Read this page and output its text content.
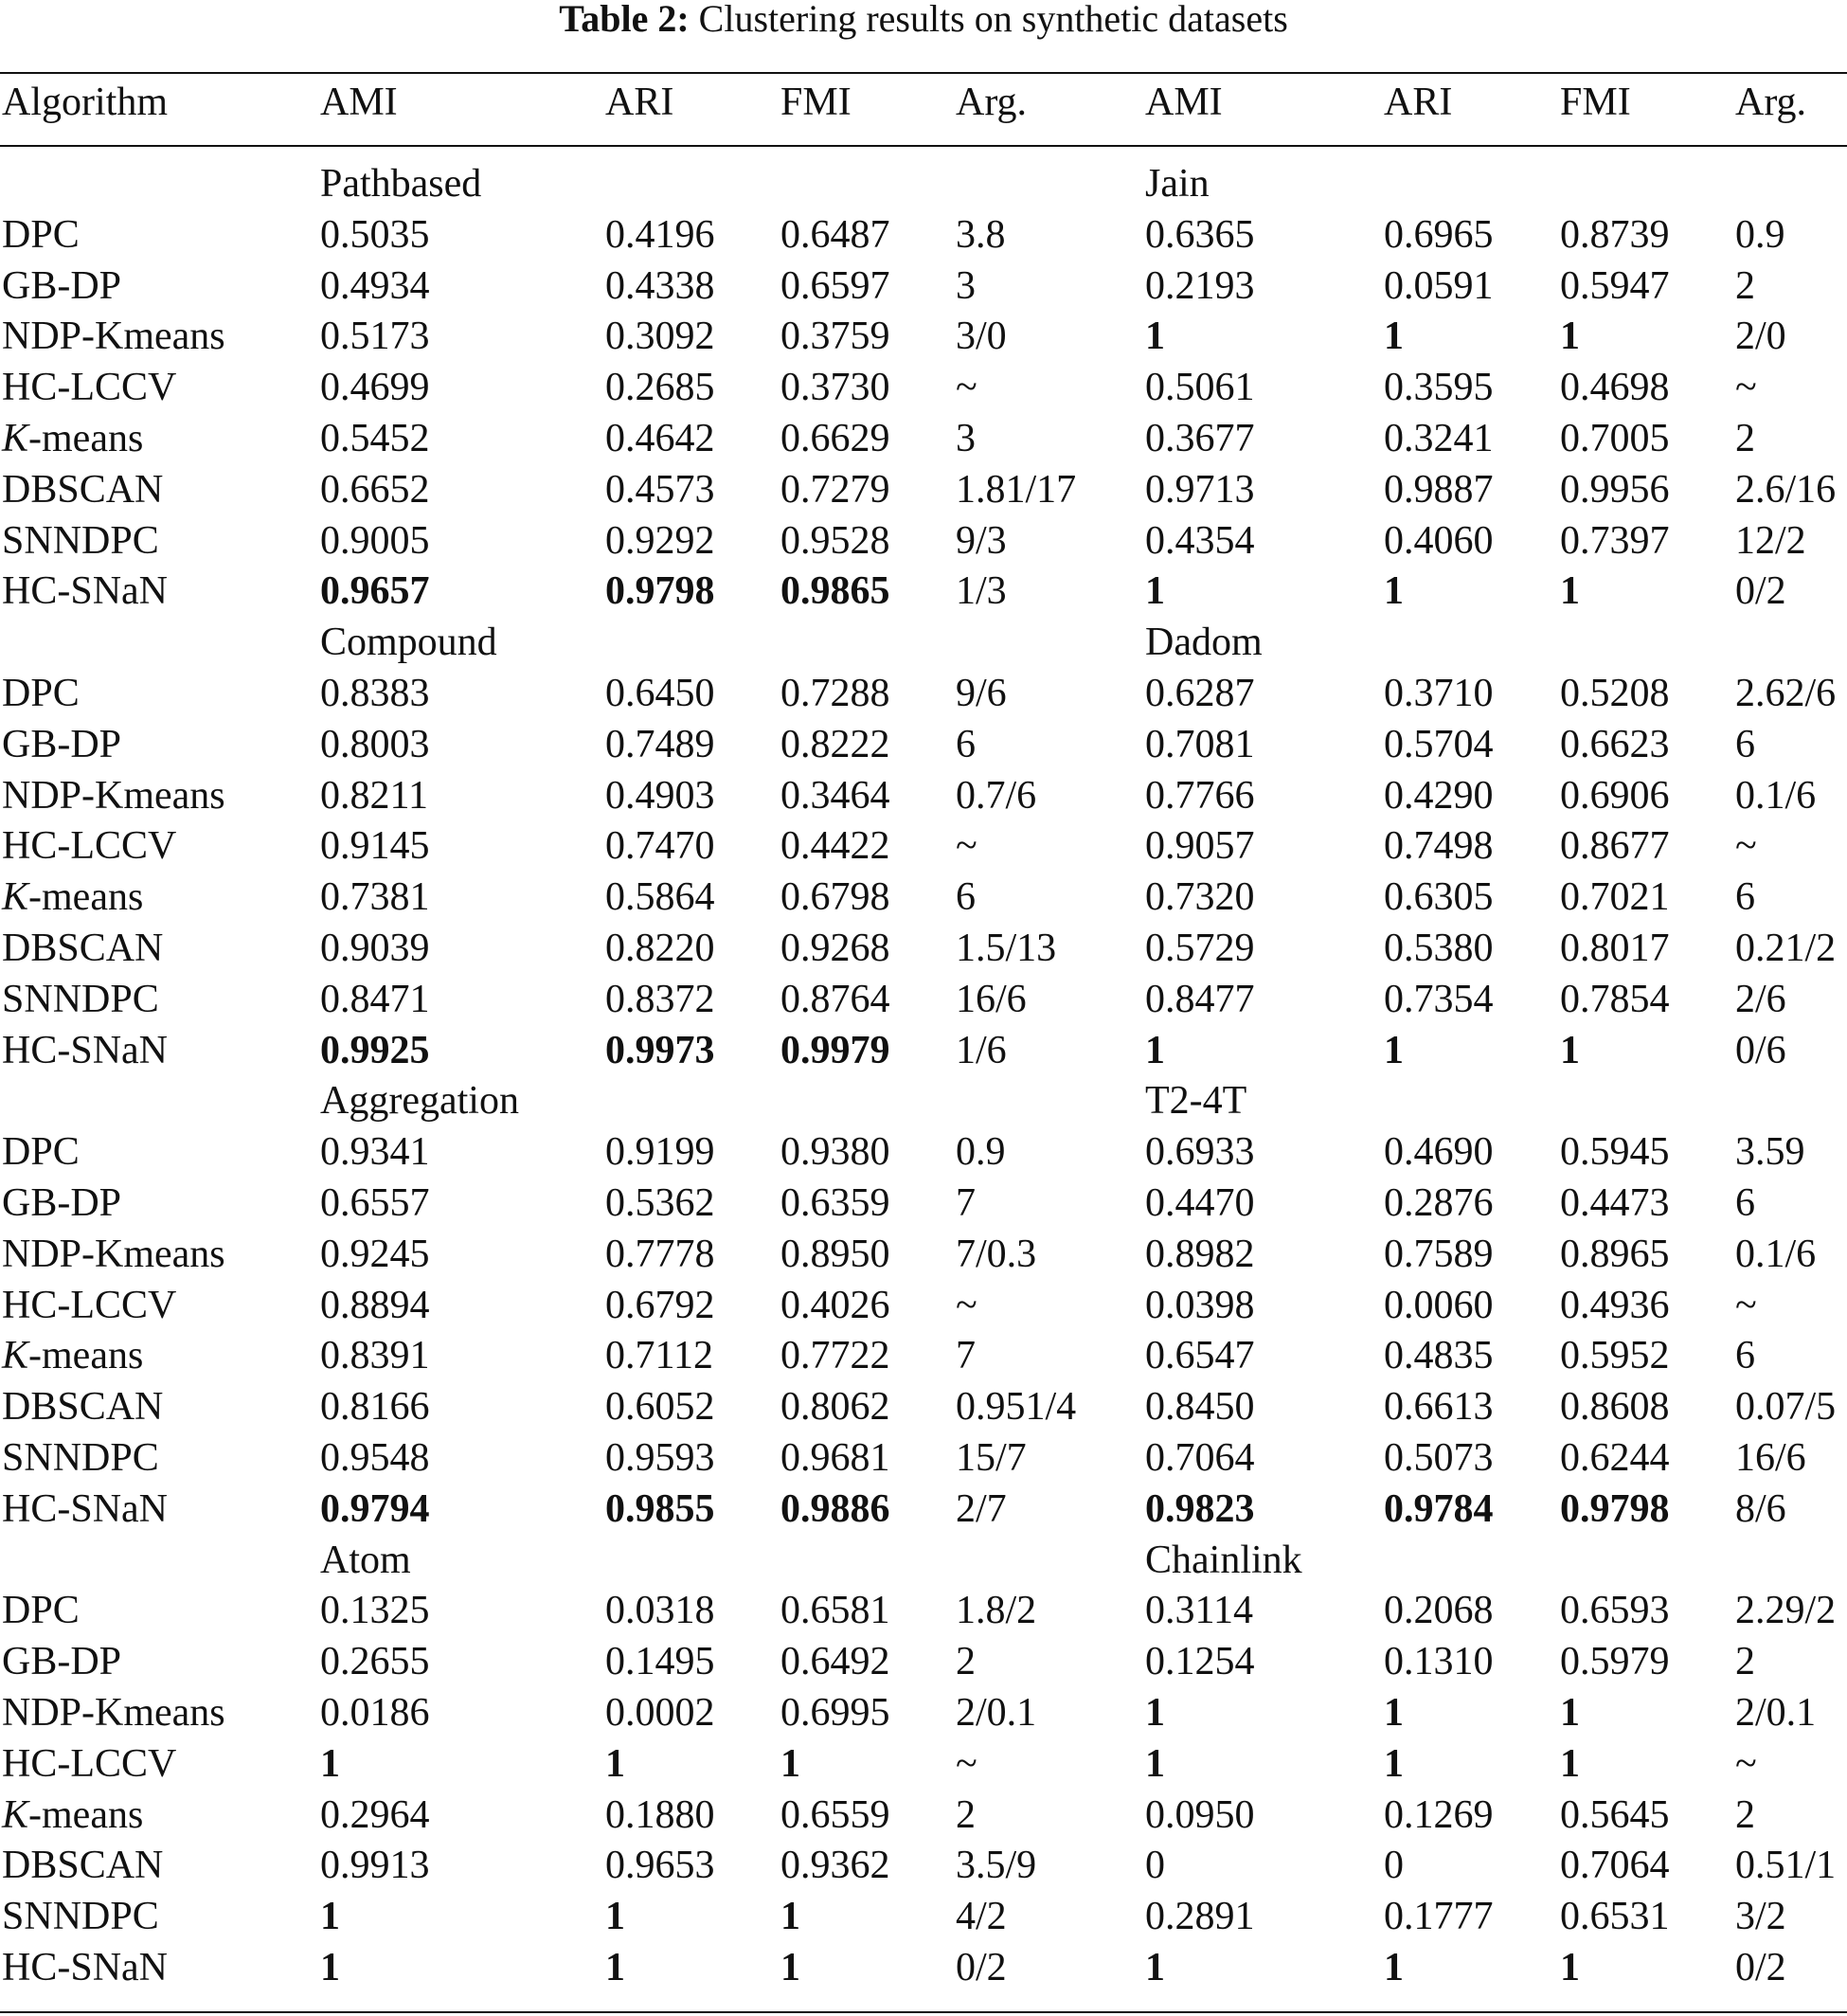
Table 2: Clustering results on synthetic datasets
Algorithm	AMI	ARI	FMI	Arg.	AMI	ARI	FMI	Arg.
Pathbased	Jain
DPC	0.5035	0.4196 0.6487 3.8	0.6365	0.6965 0.8739 0.9
GB-DP	0.4934	0.4338 0.6597 3	0.2193	0.0591 0.5947 2
NDP-Kmeans 0.5173	0.3092 0.3759 3/0	1	1	1	2/0
HC-LCCV	0.4699	0.2685 0.3730 ~	0.5061	0.3595 0.4698 ~
K-means	0.5452	0.4642 0.6629 3	0.3677	0.3241 0.7005 2
DBSCAN	0.6652	0.4573 0.7279 1.81/17 0.9713	0.9887 0.9956 2.6/16
SNNDPC	0.9005	0.9292 0.9528 9/3	0.4354	0.4060 0.7397 12/2
HC-SNaN	0.9657	0.9798 0.9865 1/3	1	1	1	0/2
Compound	Dadom
DPC	0.8383	0.6450 0.7288 9/6	0.6287	0.3710 0.5208 2.62/6
GB-DP	0.8003	0.7489 0.8222 6	0.7081	0.5704 0.6623 6
NDP-Kmeans 0.8211	0.4903 0.3464 0.7/6	0.7766	0.4290 0.6906 0.1/6
HC-LCCV	0.9145	0.7470 0.4422 ~	0.9057	0.7498 0.8677 ~
K-means	0.7381	0.5864 0.6798 6	0.7320	0.6305 0.7021 6
DBSCAN	0.9039	0.8220 0.9268 1.5/13 0.5729	0.5380 0.8017 0.21/2
SNNDPC	0.8471	0.8372 0.8764 16/6	0.8477	0.7354 0.7854 2/6
HC-SNaN	0.9925	0.9973 0.9979 1/6	1	1	1	0/6
Aggregation	T2-4T
DPC	0.9341	0.9199 0.9380 0.9	0.6933	0.4690 0.5945 3.59
GB-DP	0.6557	0.5362 0.6359 7	0.4470	0.2876 0.4473 6
NDP-Kmeans 0.9245	0.7778 0.8950 7/0.3	0.8982	0.7589 0.8965 0.1/6
HC-LCCV	0.8894	0.6792 0.4026 ~	0.0398	0.0060 0.4936 ~
K-means	0.8391	0.7112 0.7722 7	0.6547	0.4835 0.5952 6
DBSCAN	0.8166	0.6052 0.8062 0.951/4 0.8450	0.6613 0.8608 0.07/5
SNNDPC	0.9548	0.9593 0.9681 15/7	0.7064	0.5073 0.6244 16/6
HC-SNaN	0.9794	0.9855 0.9886 2/7	0.9823	0.9784 0.9798 8/6
Atom	Chainlink
DPC	0.1325	0.0318 0.6581 1.8/2	0.3114	0.2068 0.6593 2.29/2
GB-DP	0.2655	0.1495 0.6492 2	0.1254	0.1310 0.5979 2
NDP-Kmeans 0.0186	0.0002 0.6995 2/0.1	1	1	1	2/0.1
HC-LCCV	1	1	1	~	1	1	1	~
K-means	0.2964	0.1880 0.6559 2	0.0950	0.1269 0.5645 2
DBSCAN	0.9913	0.9653 0.9362 3.5/9	0	0	0.7064 0.51/1
SNNDPC	1	1	1	4/2	0.2891	0.1777 0.6531 3/2
HC-SNaN	1	1	1	0/2	1	1	1	0/2
